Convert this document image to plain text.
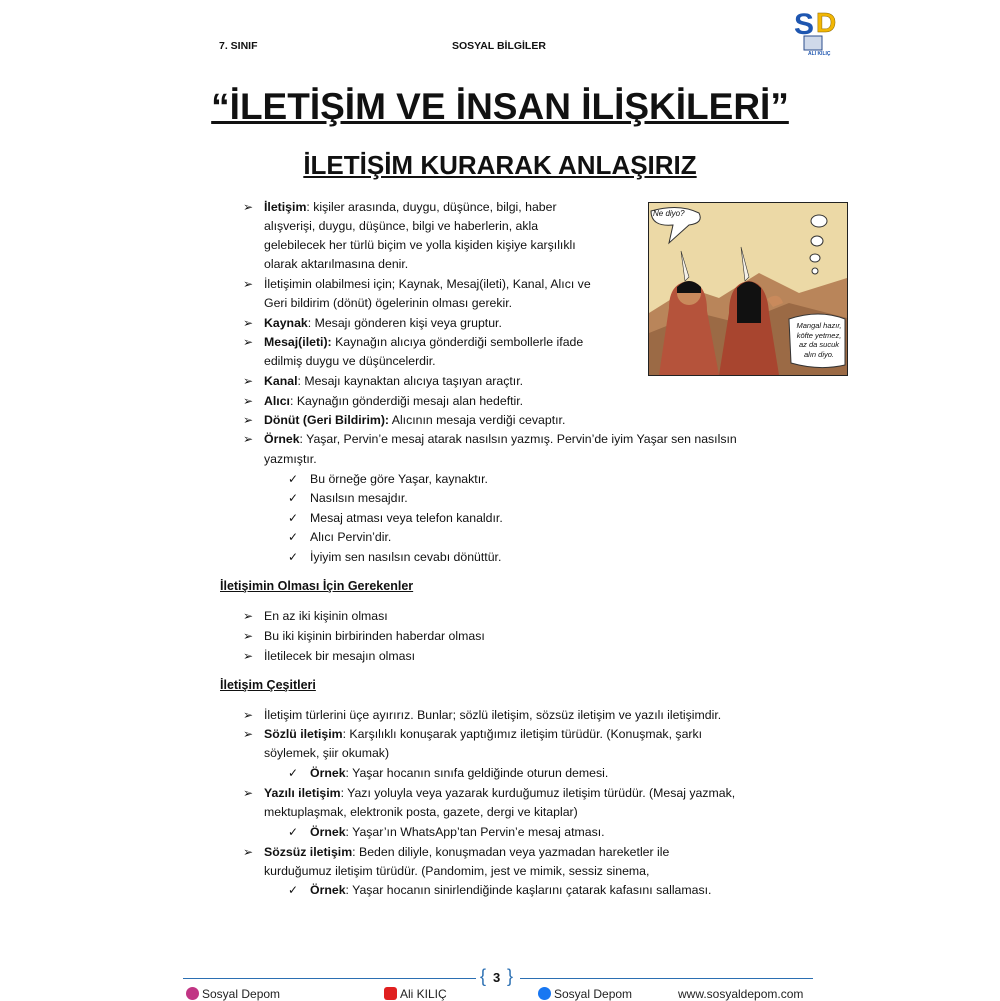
7. SINIF	SOSYAL BİLGİLER
S D
ALİ KILIÇ
“İLETİŞİM VE İNSAN İLİŞKİLERİ”
İLETİŞİM KURARAK ANLAŞIRIZ
Ne diyo?
Mangal hazır,
köfte yetmez,
az da sucuk
alın diyo.
➢
➢
➢
➢
➢
➢
➢
➢
İletişim: kişiler arasında, duygu, düşünce, bilgi, haber
alışverişi, duygu, düşünce, bilgi ve haberlerin, akla
gelebilecek her türlü biçim ve yolla kişiden kişiye karşılıklı
olarak aktarılmasına denir.
İletişimin olabilmesi için; Kaynak, Mesaj(ileti), Kanal, Alıcı ve
Geri bildirim (dönüt) ögelerinin olması gerekir.
Kaynak: Mesajı gönderen kişi veya gruptur.
Mesaj(ileti): Kaynağın alıcıya gönderdiği sembollerle ifade
edilmiş duygu ve düşüncelerdir.
Kanal: Mesajı kaynaktan alıcıya taşıyan araçtır.
Alıcı: Kaynağın gönderdiği mesajı alan hedeftir.
Dönüt (Geri Bildirim): Alıcının mesaja verdiği cevaptır.
Örnek: Yaşar, Pervin’e mesaj atarak nasılsın yazmış. Pervin’de iyim Yaşar sen nasılsın
yazmıştır.
✓ Bu örneğe göre Yaşar, kaynaktır.
✓ Nasılsın mesajdır.
✓ Mesaj atması veya telefon kanaldır.
✓ Alıcı Pervin’dir.
✓ İyiyim sen nasılsın cevabı dönüttür.
İletişimin Olması İçin Gerekenler
➢ En az iki kişinin olması
➢ Bu iki kişinin birbirinden haberdar olması
➢ İletilecek bir mesajın olması
İletişim Çeşitleri
➢ İletişim türlerini üçe ayırırız. Bunlar; sözlü iletişim, sözsüz iletişim ve yazılı iletişimdir.
➢ Sözlü iletişim: Karşılıklı konuşarak yaptığımız iletişim türüdür. (Konuşmak, şarkı
söylemek, şiir okumak)
✓ Örnek: Yaşar hocanın sınıfa geldiğinde oturun demesi.
➢ Yazılı iletişim: Yazı yoluyla veya yazarak kurduğumuz iletişim türüdür. (Mesaj yazmak,
mektuplaşmak, elektronik posta, gazete, dergi ve kitaplar)
✓ Örnek: Yaşar’ın WhatsApp’tan Pervin’e mesaj atması.
➢ Sözsüz iletişim: Beden diliyle, konuşmadan veya yazmadan hareketler ile
kurduğumuz iletişim türüdür. (Pandomim, jest ve mimik, sessiz sinema,
✓ Örnek: Yaşar hocanın sinirlendiğinde kaşlarını çatarak kafasını sallaması.
{ 3 }
Sosyal Depom	Ali KILIÇ	Sosyal Depom	www.sosyaldepom.com
